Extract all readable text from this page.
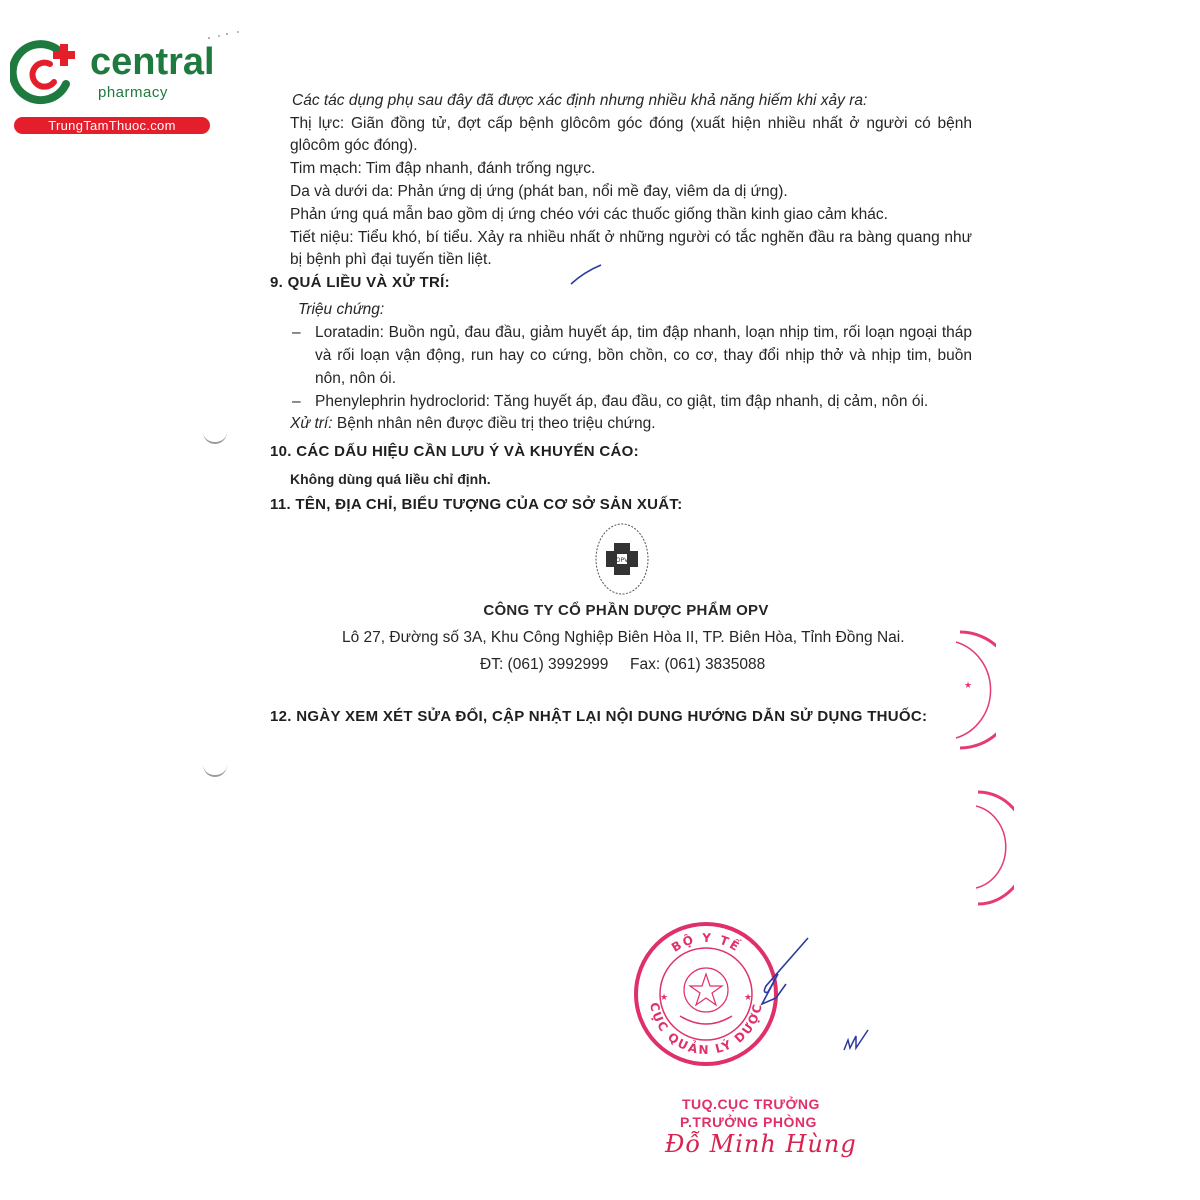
central
pharmacy
TrungTamThuoc.com
Các tác dụng phụ sau đây đã được xác định nhưng nhiều khả năng hiếm khi xảy ra:
Thị lực: Giãn đồng tử, đợt cấp bệnh glôcôm góc đóng (xuất hiện nhiều nhất ở người có bệnh
glôcôm góc đóng).
Tim mạch: Tim đập nhanh, đánh trống ngực.
Da và dưới da: Phản ứng dị ứng (phát ban, nổi mề đay, viêm da dị ứng).
Phản ứng quá mẫn bao gồm dị ứng chéo với các thuốc giống thần kinh giao cảm khác.
Tiết niệu: Tiểu khó, bí tiểu. Xảy ra nhiều nhất ở những người có tắc nghẽn đầu ra bàng quang như
bị bệnh phì đại tuyến tiền liệt.
9. QUÁ LIỀU VÀ XỬ TRÍ:
Triệu chứng:
– Loratadin: Buồn ngủ, đau đầu, giảm huyết áp, tim đập nhanh, loạn nhịp tim, rối loạn ngoại tháp
và rối loạn vận động, run hay co cứng, bồn chồn, co cơ, thay đổi nhịp thở và nhịp tim, buồn
nôn, nôn ói.
– Phenylephrin hydroclorid: Tăng huyết áp, đau đầu, co giật, tim đập nhanh, dị cảm, nôn ói.
Xử trí: Bệnh nhân nên được điều trị theo triệu chứng.
10. CÁC DẤU HIỆU CẦN LƯU Ý VÀ KHUYẾN CÁO:
Không dùng quá liều chỉ định.
11. TÊN, ĐỊA CHỈ, BIỂU TƯỢNG CỦA CƠ SỞ SẢN XUẤT:
OPV
CÔNG TY CỔ PHẦN DƯỢC PHẨM OPV
Lô 27, Đường số 3A, Khu Công Nghiệp Biên Hòa II, TP. Biên Hòa, Tỉnh Đồng Nai.
ĐT: (061) 3992999 Fax: (061) 3835088
12. NGÀY XEM XÉT SỬA ĐỔI, CẬP NHẬT LẠI NỘI DUNG HƯỚNG DẪN SỬ DỤNG THUỐC:
★
BỘ Y TẾ
CỤC QUẢN LÝ DƯỢC
★	★
TUQ.CỤC TRƯỞNG
P.TRƯỞNG PHÒNG
Đỗ Minh Hùng
